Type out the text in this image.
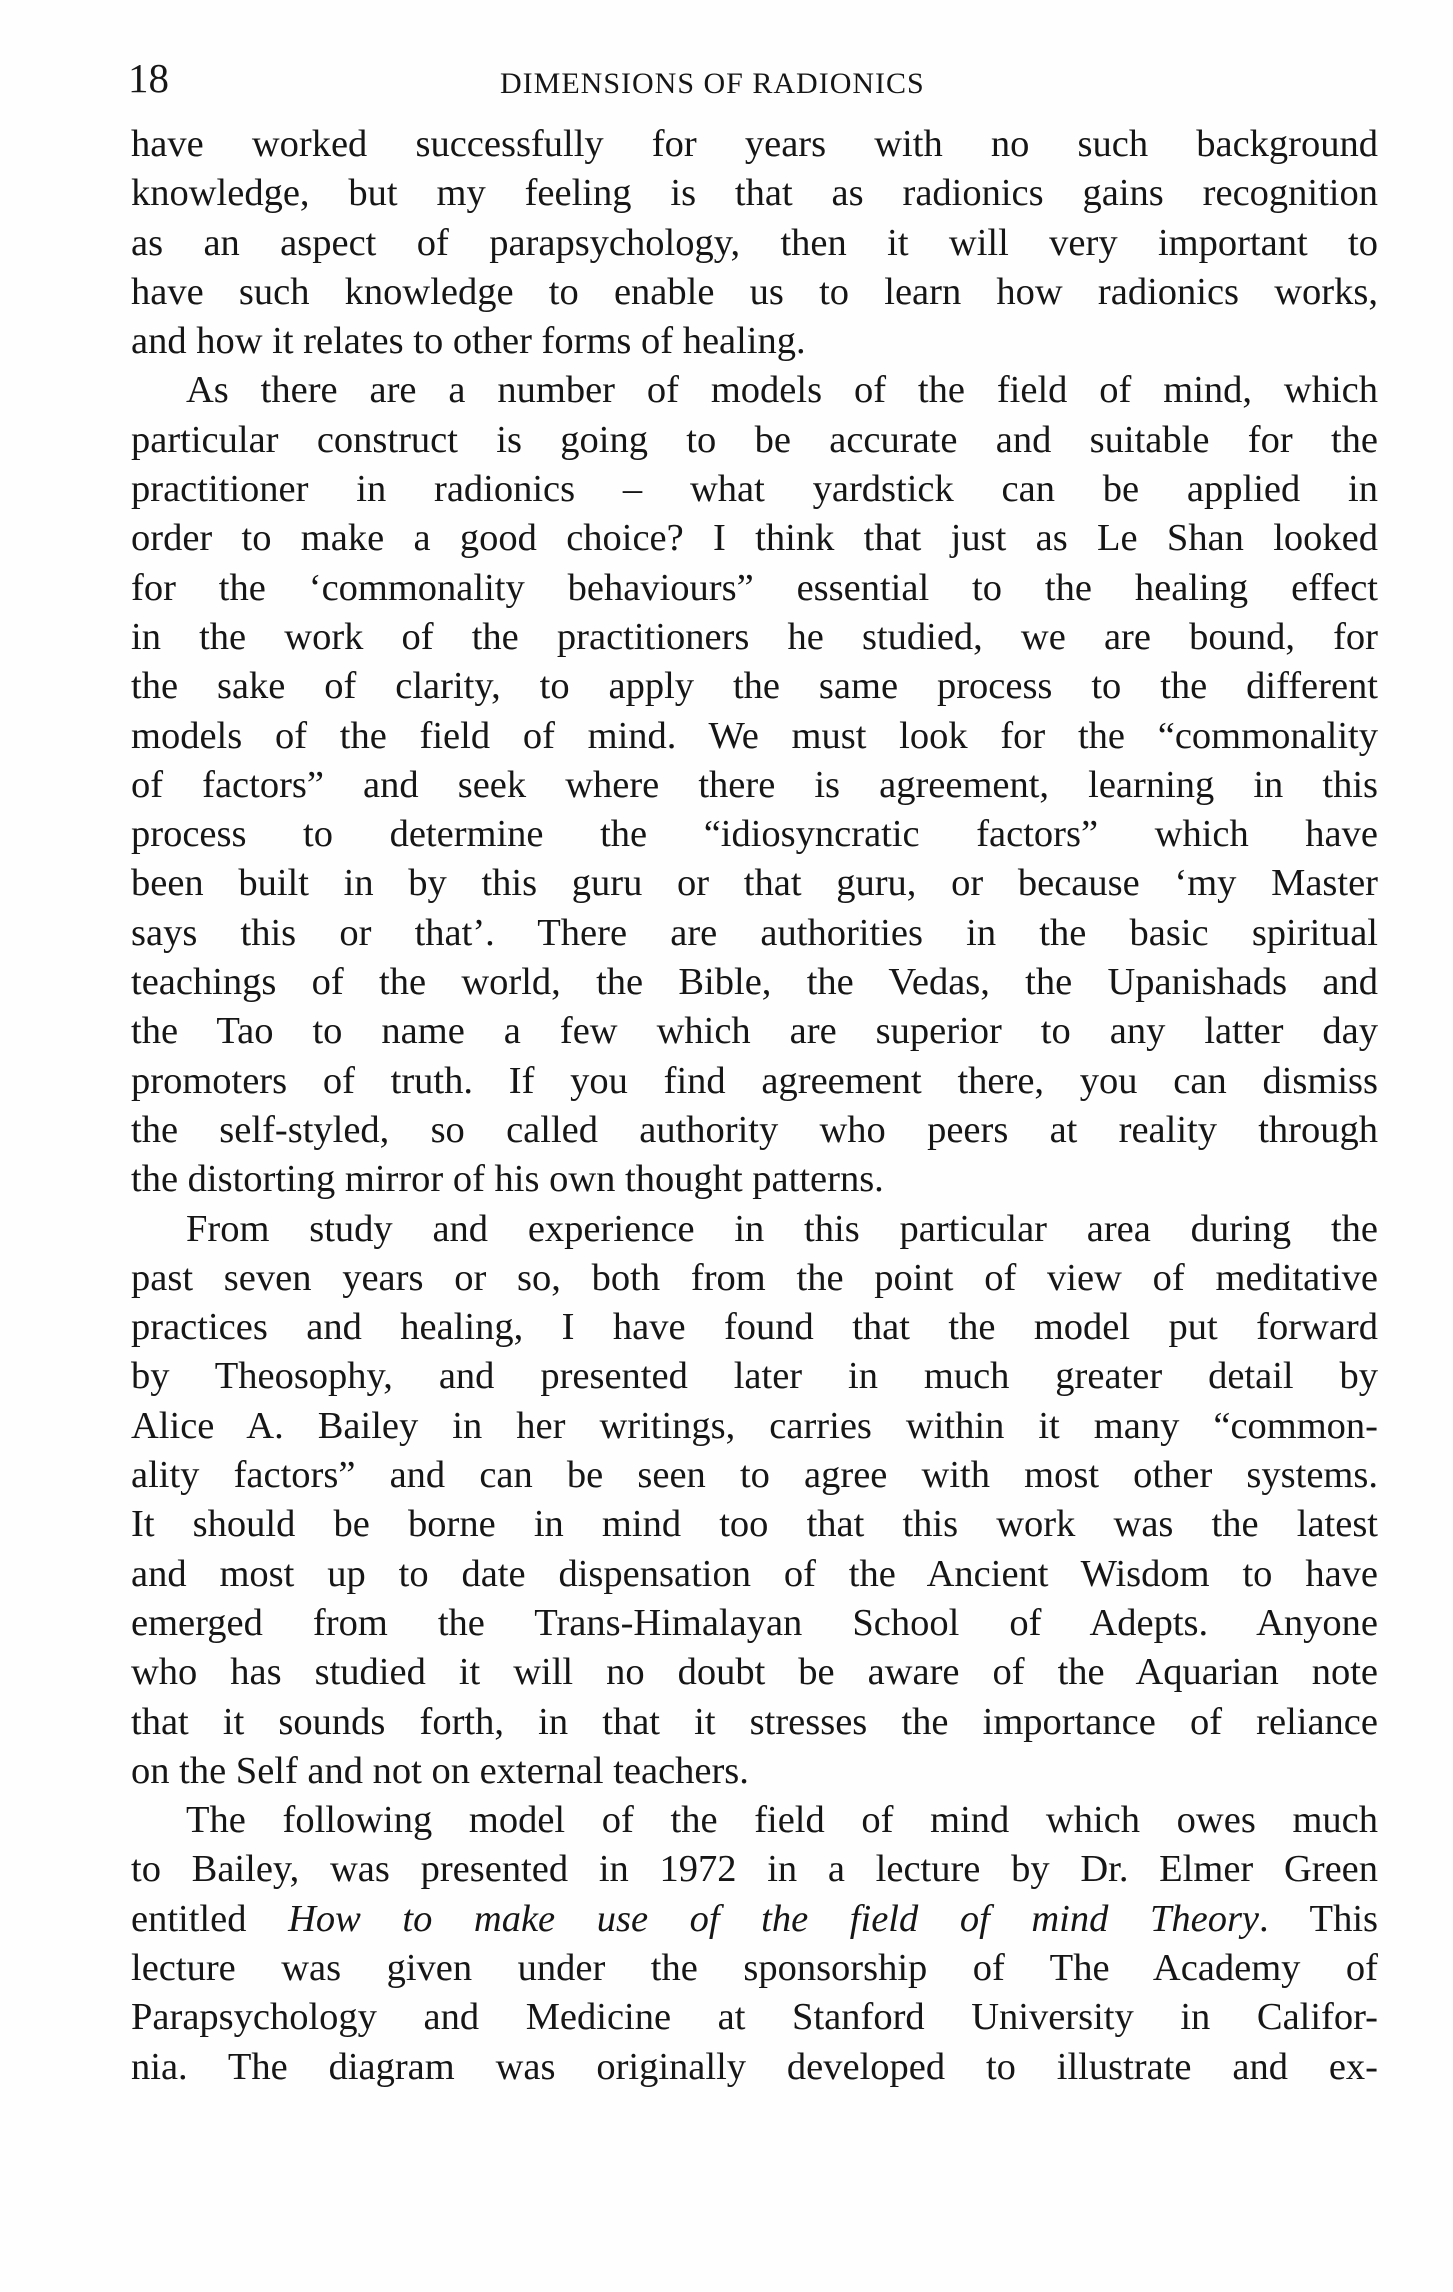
18	DIMENSIONS OF RADIONICS

have worked successfully for years with no such background
knowledge, but my feeling is that as radionics gains recognition
as an aspect of parapsychology, then it will very important to
have such knowledge to enable us to learn how radionics works,
and how it relates to other forms of healing.

As there are a number of models of the field of mind, which
particular construct is going to be accurate and suitable for the
practitioner in radionics – what yardstick can be applied in
order to make a good choice? I think that just as Le Shan looked
for the ‘commonality behaviours” essential to the healing effect
in the work of the practitioners he studied, we are bound, for
the sake of clarity, to apply the same process to the different
models of the field of mind. We must look for the “commonality
of factors” and seek where there is agreement, learning in this
process to determine the “idiosyncratic factors” which have
been built in by this guru or that guru, or because ‘my Master
says this or that’. There are authorities in the basic spiritual
teachings of the world, the Bible, the Vedas, the Upanishads and
the Tao to name a few which are superior to any latter day
promoters of truth. If you find agreement there, you can dismiss
the self-styled, so called authority who peers at reality through
the distorting mirror of his own thought patterns.

From study and experience in this particular area during the
past seven years or so, both from the point of view of meditative
practices and healing, I have found that the model put forward
by Theosophy, and presented later in much greater detail by
Alice A. Bailey in her writings, carries within it many “common-
ality factors” and can be seen to agree with most other systems.
It should be borne in mind too that this work was the latest
and most up to date dispensation of the Ancient Wisdom to have
emerged from the Trans-Himalayan School of Adepts. Anyone
who has studied it will no doubt be aware of the Aquarian note
that it sounds forth, in that it stresses the importance of reliance
on the Self and not on external teachers.

The following model of the field of mind which owes much
to Bailey, was presented in 1972 in a lecture by Dr. Elmer Green
entitled How to make use of the field of mind Theory. This
lecture was given under the sponsorship of The Academy of
Parapsychology and Medicine at Stanford University in Califor-
nia. The diagram was originally developed to illustrate and ex-
